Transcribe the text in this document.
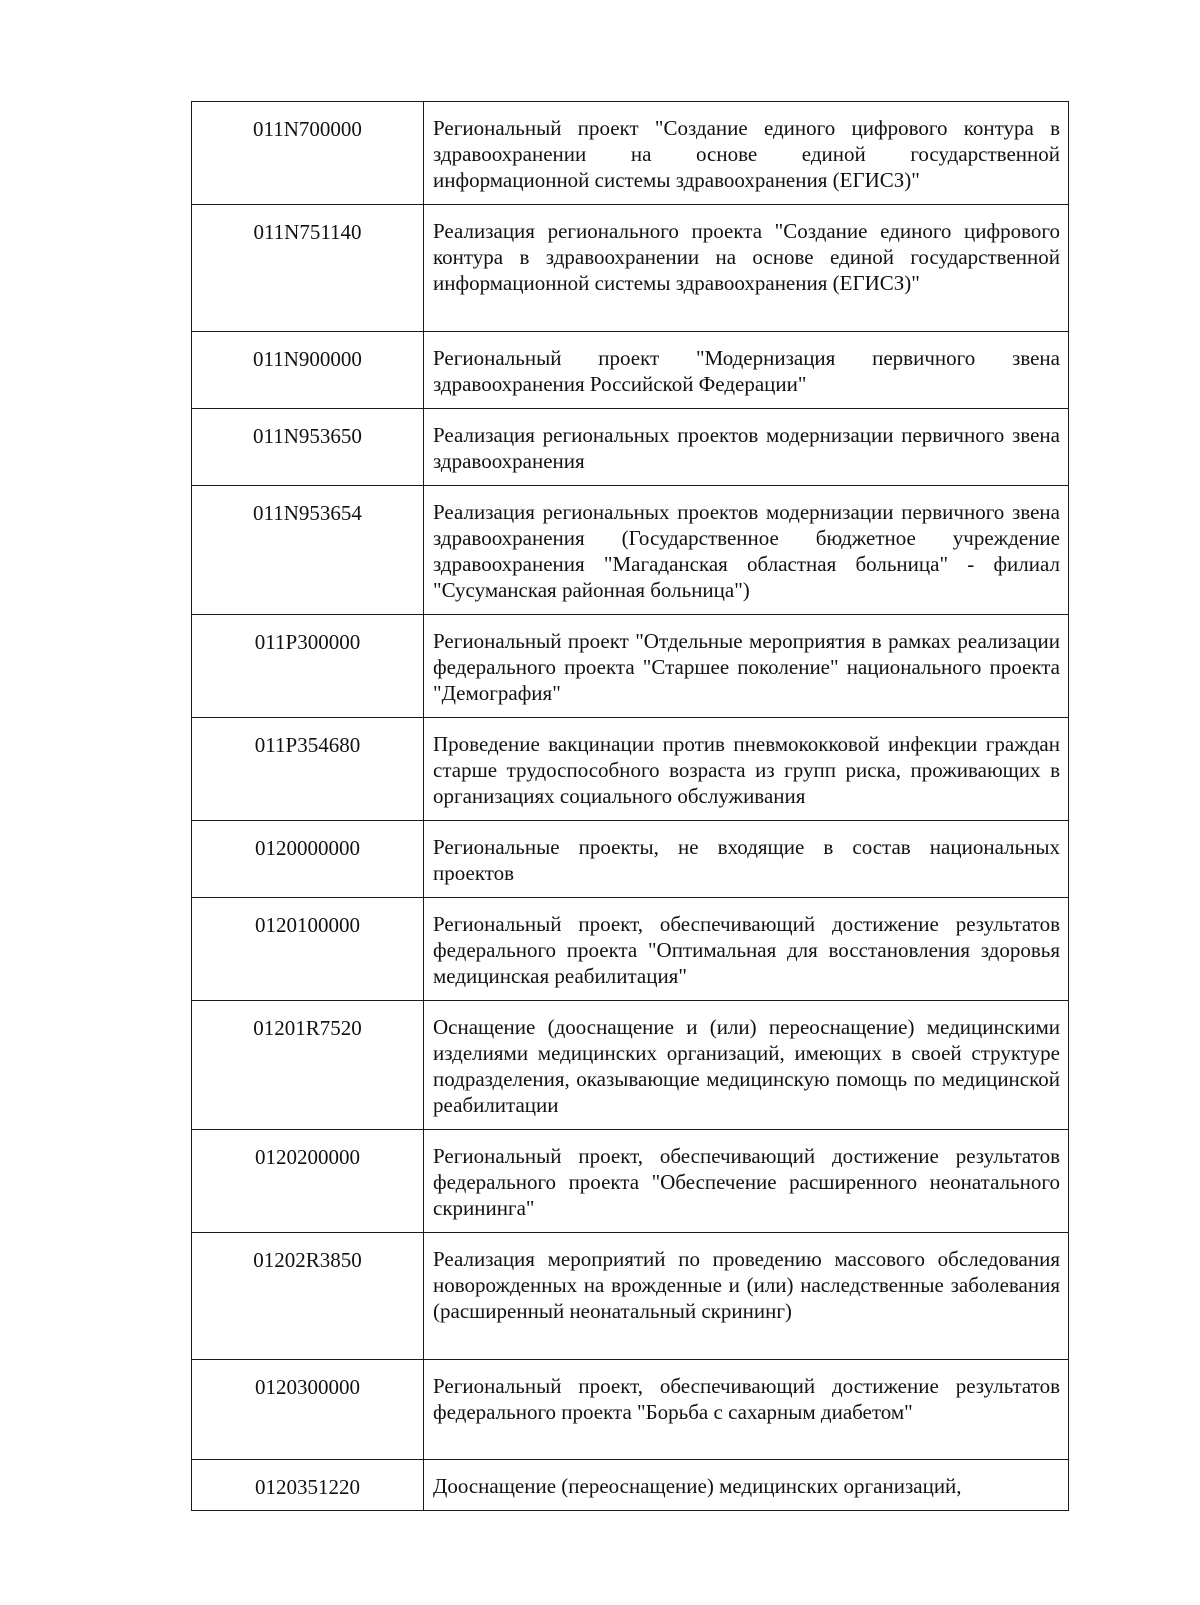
011N700000	Региональный проект "Создание единого цифрового контура в здравоохранении на основе единой государственной информационной системы здравоохранения (ЕГИСЗ)"
011N751140	Реализация регионального проекта "Создание единого цифрового контура в здравоохранении на основе единой государственной информационной системы здравоохранения (ЕГИСЗ)"
011N900000	Региональный проект "Модернизация первичного звена здравоохранения Российской Федерации"
011N953650	Реализация региональных проектов модернизации первичного звена здравоохранения
011N953654	Реализация региональных проектов модернизации первичного звена здравоохранения (Государственное бюджетное учреждение здравоохранения "Магаданская областная больница" - филиал "Сусуманская районная больница")
011P300000	Региональный проект "Отдельные мероприятия в рамках реализации федерального проекта "Старшее поколение" национального проекта "Демография"
011P354680	Проведение вакцинации против пневмококковой инфекции граждан старше трудоспособного возраста из групп риска, проживающих в организациях социального обслуживания
0120000000	Региональные проекты, не входящие в состав национальных проектов
0120100000	Региональный проект, обеспечивающий достижение результатов федерального проекта "Оптимальная для восстановления здоровья медицинская реабилитация"
01201R7520	Оснащение (дооснащение и (или) переоснащение) медицинскими изделиями медицинских организаций, имеющих в своей структуре подразделения, оказывающие медицинскую помощь по медицинской реабилитации
0120200000	Региональный проект, обеспечивающий достижение результатов федерального проекта "Обеспечение расширенного неонатального скрининга"
01202R3850	Реализация мероприятий по проведению массового обследования новорожденных на врожденные и (или) наследственные заболевания (расширенный неонатальный скрининг)
0120300000	Региональный проект, обеспечивающий достижение результатов федерального проекта "Борьба с сахарным диабетом"
0120351220	Дооснащение (переоснащение) медицинских организаций,
